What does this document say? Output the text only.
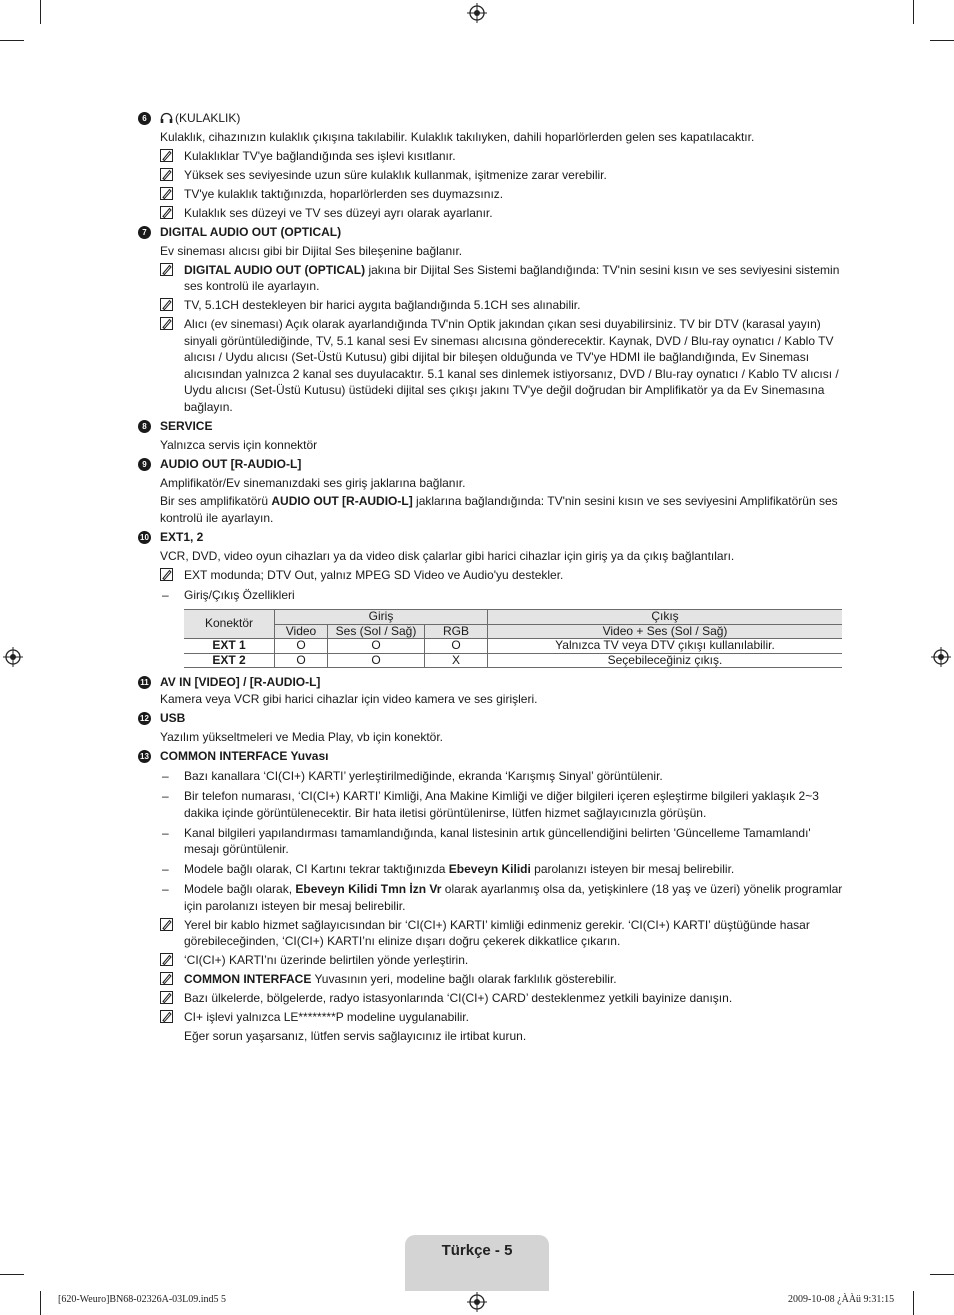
6	(KULAKLIK)
Kulaklık, cihazınızın kulaklık çıkışına takılabilir. Kulaklık takılıyken, dahili hoparlörlerden gelen ses kapatılacaktır.
Kulaklıklar TV'ye bağlandığında ses işlevi kısıtlanır.
Yüksek ses seviyesinde uzun süre kulaklık kullanmak, işitmenize zarar verebilir.
TV'ye kulaklık taktığınızda, hoparlörlerden ses duymazsınız.
Kulaklık ses düzeyi ve TV ses düzeyi ayrı olarak ayarlanır.
7	DIGITAL AUDIO OUT (OPTICAL)
Ev sineması alıcısı gibi bir Dijital Ses bileşenine bağlanır.
DIGITAL AUDIO OUT (OPTICAL) jakına bir Dijital Ses Sistemi bağlandığında: TV'nin sesini kısın ve ses seviyesini sistemin ses kontrolü ile ayarlayın.
TV, 5.1CH destekleyen bir harici aygıta bağlandığında 5.1CH ses alınabilir.
Alıcı (ev sineması) Açık olarak ayarlandığında TV'nin Optik jakından çıkan sesi duyabilirsiniz. TV bir DTV (karasal yayın) sinyali görüntülediğinde, TV, 5.1 kanal sesi Ev sineması alıcısına gönderecektir. Kaynak, DVD / Blu-ray oynatıcı / Kablo TV alıcısı / Uydu alıcısı (Set-Üstü Kutusu) gibi dijital bir bileşen olduğunda ve TV'ye HDMI ile bağlandığında, Ev Sineması alıcısından yalnızca 2 kanal ses duyulacaktır. 5.1 kanal ses dinlemek istiyorsanız, DVD / Blu-ray oynatıcı / Kablo TV alıcısı / Uydu alıcısı (Set-Üstü Kutusu) üstüdeki dijital ses çıkışı jakını TV'ye değil doğrudan bir Amplifikatör ya da Ev Sinemasına bağlayın.
8	SERVICE
Yalnızca servis için konnektör
9	AUDIO OUT [R-AUDIO-L]
Amplifikatör/Ev sinemanızdaki ses giriş jaklarına bağlanır.
Bir ses amplifikatörü AUDIO OUT [R-AUDIO-L] jaklarına bağlandığında: TV'nin sesini kısın ve ses seviyesini Amplifikatörün ses kontrolü ile ayarlayın.
10 EXT1, 2
VCR, DVD, video oyun cihazları ya da video disk çalarlar gibi harici cihazlar için giriş ya da çıkış bağlantıları.
EXT modunda; DTV Out, yalnız MPEG SD Video ve Audio'yu destekler.
– Giriş/Çıkış Özellikleri
Konektör	Giriş			Çıkış
	Video	Ses (Sol / Sağ)	RGB	Video + Ses (Sol / Sağ)
EXT 1	O	O	O	Yalnızca TV veya DTV çıkışı kullanılabilir.
EXT 2	O	O	X	Seçebileceğiniz çıkış.
11 AV IN [VIDEO] / [R-AUDIO-L]
Kamera veya VCR gibi harici cihazlar için video kamera ve ses girişleri.
12 USB
Yazılım yükseltmeleri ve Media Play, vb için konektör.
13 COMMON INTERFACE Yuvası
– Bazı kanallara ‘CI(CI+) KARTI’ yerleştirilmediğinde, ekranda ‘Karışmış Sinyal’ görüntülenir.
– Bir telefon numarası, ‘CI(CI+) KARTI’ Kimliği, Ana Makine Kimliği ve diğer bilgileri içeren eşleştirme bilgileri yaklaşık 2~3 dakika içinde görüntülenecektir. Bir hata iletisi görüntülenirse, lütfen hizmet sağlayıcınızla görüşün.
– Kanal bilgileri yapılandırması tamamlandığında, kanal listesinin artık güncellendiğini belirten 'Güncelleme Tamamlandı' mesajı görüntülenir.
– Modele bağlı olarak, CI Kartını tekrar taktığınızda Ebeveyn Kilidi parolanızı isteyen bir mesaj belirebilir.
– Modele bağlı olarak, Ebeveyn Kilidi Tmn İzn Vr olarak ayarlanmış olsa da, yetişkinlere (18 yaş ve üzeri) yönelik programlar için parolanızı isteyen bir mesaj belirebilir.
Yerel bir kablo hizmet sağlayıcısından bir ‘CI(CI+) KARTI’ kimliği edinmeniz gerekir. ‘CI(CI+) KARTI’ düştüğünde hasar görebileceğinden, ‘CI(CI+) KARTI’nı elinize dışarı doğru çekerek dikkatlice çıkarın.
‘CI(CI+) KARTI’nı üzerinde belirtilen yönde yerleştirin.
COMMON INTERFACE Yuvasının yeri, modeline bağlı olarak farklılık gösterebilir.
Bazı ülkelerde, bölgelerde, radyo istasyonlarında ‘CI(CI+) CARD’ desteklenmez yetkili bayinize danışın.
CI+ işlevi yalnızca LE********P modeline uygulanabilir.
Eğer sorun yaşarsanız, lütfen servis sağlayıcınız ile irtibat kurun.
Türkçe - 5
[620-Weuro]BN68-02326A-03L09.ind5 5	2009-10-08 ¿ÀÀü 9:31:15
